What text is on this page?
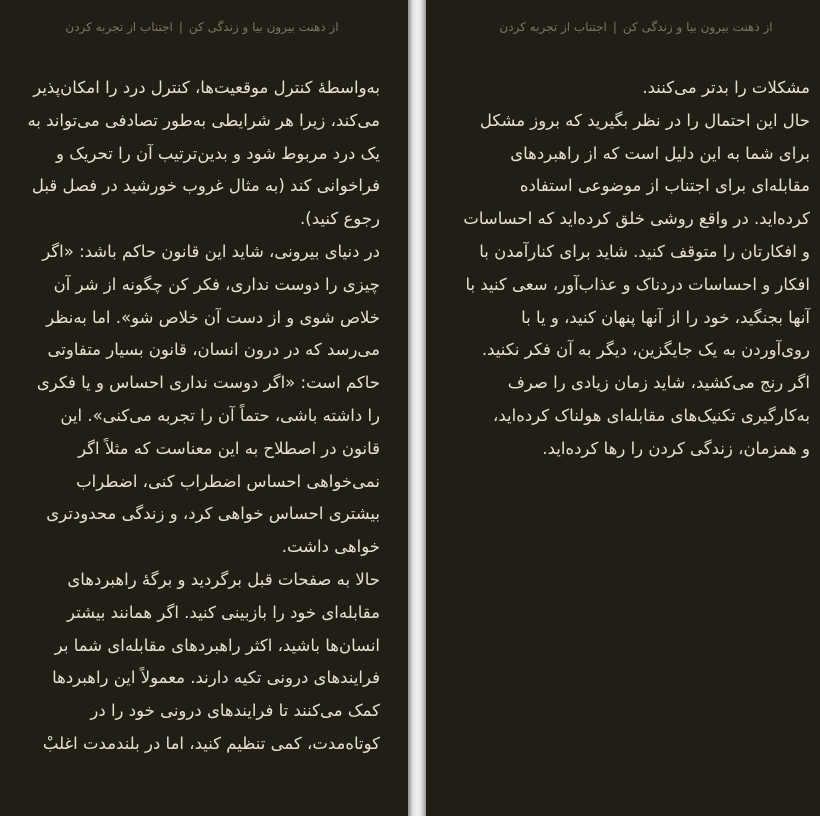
از ذهنت بیرون بیا و زندگی کن|اجتناب از تجربه کردن
به‌واسطهٔ کنترل موقعیت‌ها، کنترل درد را امکان‌پذیر
می‌کند، زیرا هر شرایطی به‌طور تصادفی می‌تواند به
یک درد مربوط شود و بدین‌ترتیب آن را تحریک و
فراخوانی کند (به مثال غروب خورشید در فصل قبل
رجوع کنید).
در دنیای بیرونی، شاید این قانون حاکم باشد: «اگر
چیزی را دوست نداری، فکر کن چگونه از شر آن
خلاص شوی و از دست آن خلاص شو». اما به‌نظر
می‌رسد که در درون انسان، قانون بسیار متفاوتی
حاکم است: «اگر دوست نداری احساس و یا فکری
را داشته باشی، حتماً آن را تجربه می‌کنی». این
قانون در اصطلاح به این معناست که مثلاً اگر
نمی‌خواهی احساس اضطراب کنی، اضطراب
بیشتری احساس خواهی کرد، و زندگی محدودتری
خواهی داشت.
حالا به صفحات قبل برگردید و برگهٔ راهبردهای
مقابله‌ای خود را بازبینی کنید. اگر همانند بیشتر
انسان‌ها باشید، اکثر راهبردهای مقابله‌ای شما بر
فرایندهای درونی تکیه دارند. معمولاً این راهبردها
کمک می‌کنند تا فرایندهای درونی خود را در
کوتاه‌مدت، کمی تنظیم کنید، اما در بلندمدت اغلبْ
از ذهنت بیرون بیا و زندگی کن|اجتناب از تجربه کردن
مشکلات را بدتر می‌کنند.
حال این احتمال را در نظر بگیرید که بروز مشکل
برای شما به این دلیل است که از راهبردهای
مقابله‌ای برای اجتناب از موضوعی استفاده
کرده‌اید. در واقع روشی خلق کرده‌اید که احساسات
و افکارتان را متوقف کنید. شاید برای کنارآمدن با
افکار و احساسات دردناک و عذاب‌آور، سعی کنید با
آنها بجنگید، خود را از آنها پنهان کنید، و یا با
روی‌آوردن به یک جایگزین، دیگر به آن فکر نکنید.
اگر رنج می‌کشید، شاید زمان زیادی را صرف
به‌کارگیری تکنیک‌های مقابله‌ای هولناک کرده‌اید،
و همزمان، زندگی کردن را رها کرده‌اید.
